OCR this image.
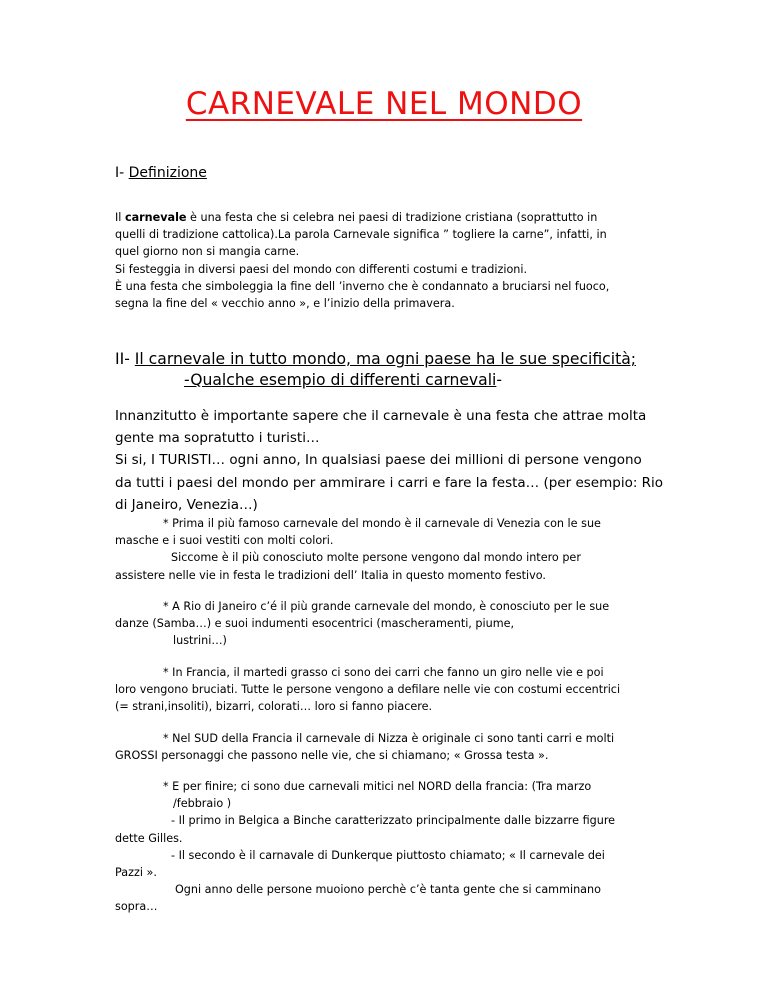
CARNEVALE NEL MONDO
I- Definizione
Il carnevale è una festa che si celebra nei paesi di tradizione cristiana (soprattutto in
quelli di tradizione cattolica).La parola Carnevale significa ” togliere la carne”, infatti, in
quel giorno non si mangia carne.
Si festeggia in diversi paesi del mondo con differenti costumi e tradizioni.
È una festa che simboleggia la fine dell ’inverno che è condannato a bruciarsi nel fuoco,
segna la fine del « vecchio anno », e l’inizio della primavera.
II- Il carnevale in tutto mondo, ma ogni paese ha le sue specificità;
-Qualche esempio di differenti carnevali-
Innanzitutto è importante sapere che il carnevale è una festa che attrae molta
gente ma sopratutto i turisti…
Si si, I TURISTI… ogni anno, In qualsiasi paese dei millioni di persone vengono
da tutti i paesi del mondo per ammirare i carri e fare la festa… (per esempio: Rio
di Janeiro, Venezia…)
* Prima il più famoso carnevale del mondo è il carnevale di Venezia con le sue
masche e i suoi vestiti con molti colori.
Siccome è il più conosciuto molte persone vengono dal mondo intero per
assistere nelle vie in festa le tradizioni dell’ Italia in questo momento festivo.
* A Rio di Janeiro c’é il più grande carnevale del mondo, è conosciuto per le sue
danze (Samba…) e suoi indumenti esocentrici (mascheramenti, piume,
lustrini…)
* In Francia, il martedi grasso ci sono dei carri che fanno un giro nelle vie e poi
loro vengono bruciati. Tutte le persone vengono a defilare nelle vie con costumi eccentrici
(= strani,insoliti), bizarri, colorati… loro si fanno piacere.
* Nel SUD della Francia il carnevale di Nizza è originale ci sono tanti carri e molti
GROSSI personaggi che passono nelle vie, che si chiamano; « Grossa testa ».
* E per finire; ci sono due carnevali mitici nel NORD della francia: (Tra marzo
/febbraio )
- Il primo in Belgica a Binche caratterizzato principalmente dalle bizzarre figure
dette Gilles.
- Il secondo è il carnavale di Dunkerque piuttosto chiamato; « Il carnevale dei
Pazzi ».
Ogni anno delle persone muoiono perchè c’è tanta gente che si camminano
sopra…
